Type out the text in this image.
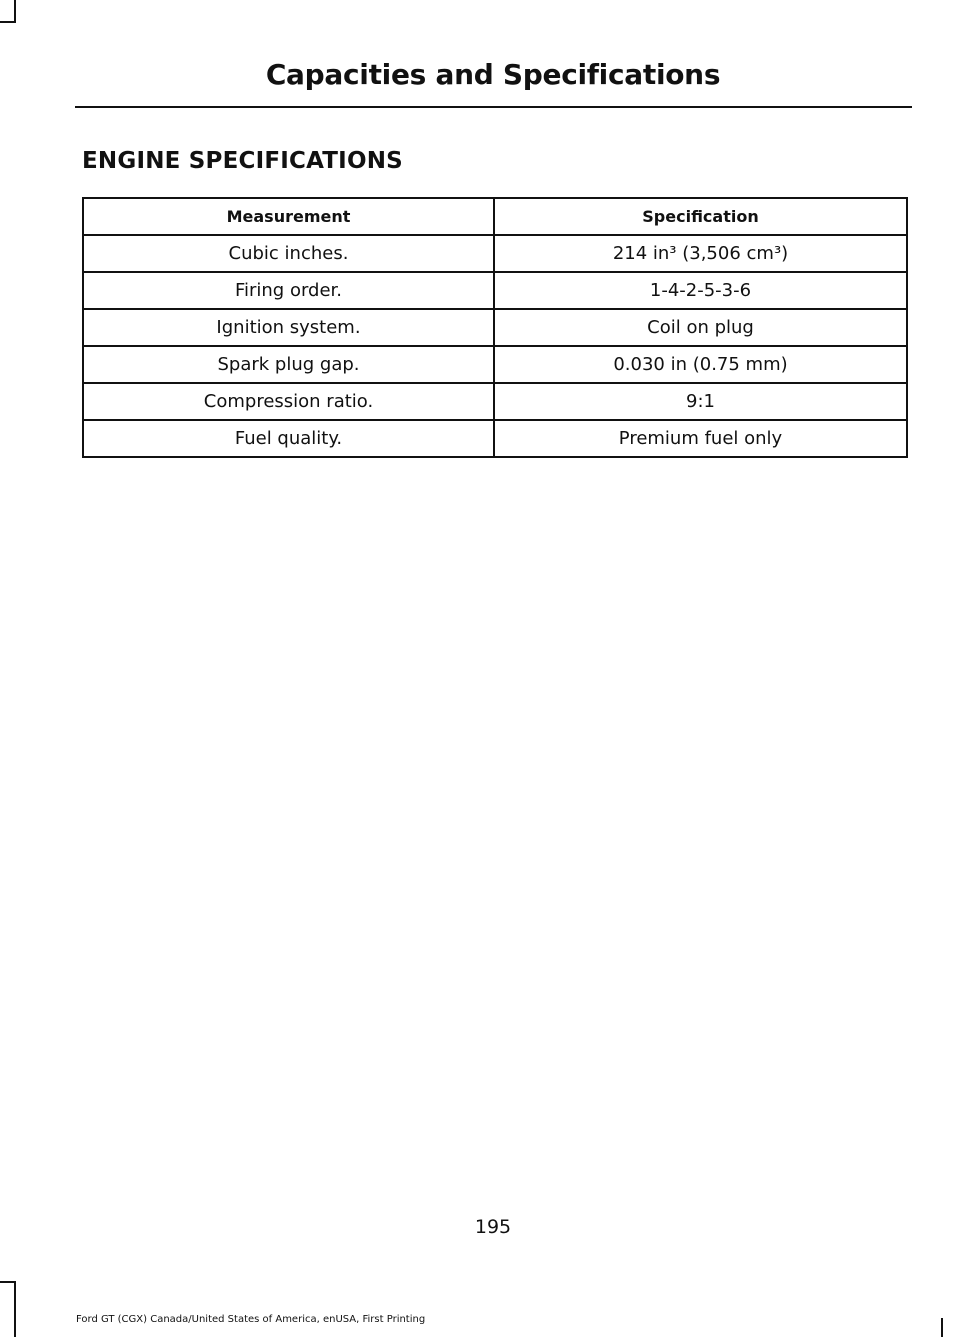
Capacities and Specifications
ENGINE SPECIFICATIONS
Measurement	Specification
Cubic inches.	214 in³ (3,506 cm³)
Firing order.	1-4-2-5-3-6
Ignition system.	Coil on plug
Spark plug gap.	0.030 in (0.75 mm)
Compression ratio.	9:1
Fuel quality.	Premium fuel only
195
Ford GT (CGX) Canada/United States of America, enUSA, First Printing
